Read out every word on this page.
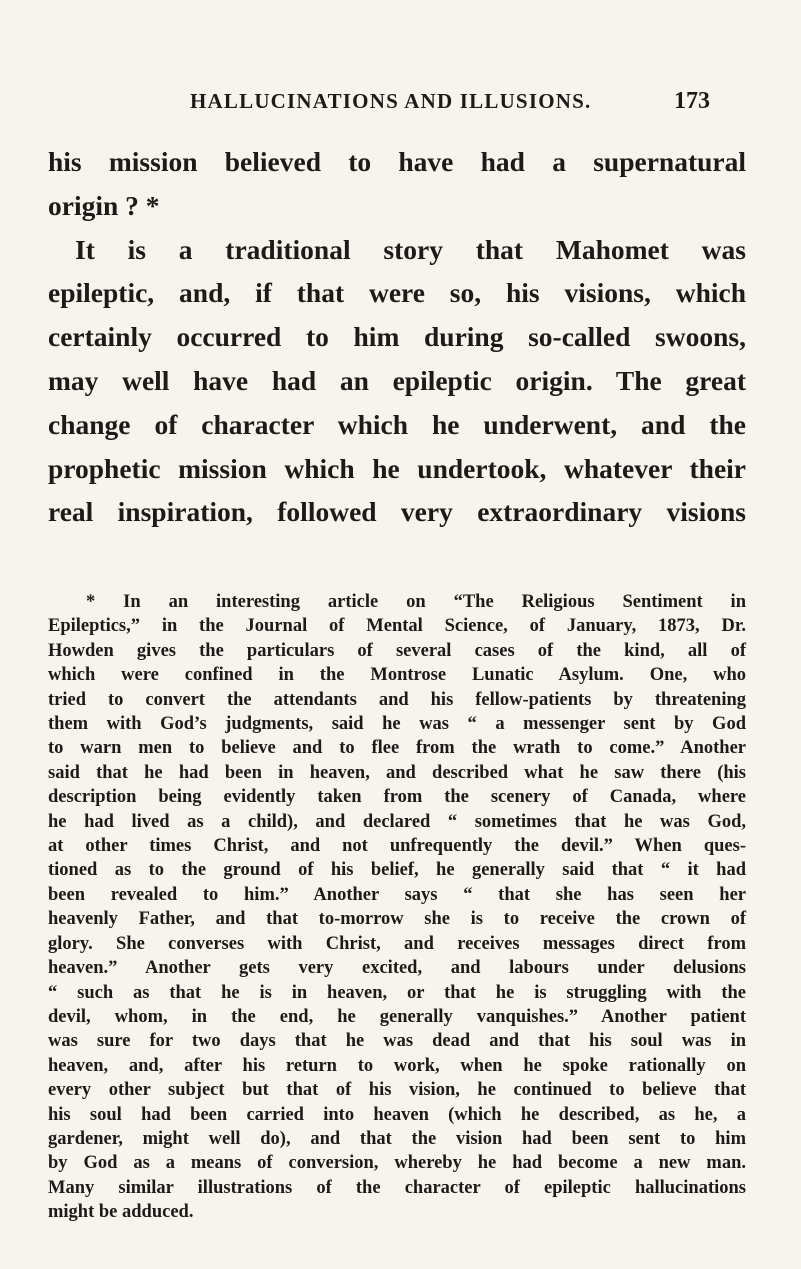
HALLUCINATIONS AND ILLUSIONS.	173

his mission believed to have had a supernatural
origin ? *

It is a traditional story that Mahomet was
epileptic, and, if that were so, his visions, which
certainly occurred to him during so-called swoons,
may well have had an epileptic origin. The great
change of character which he underwent, and the
prophetic mission which he undertook, whatever their
real inspiration, followed very extraordinary visions

* In an interesting article on “The Religious Sentiment in
Epileptics,” in the Journal of Mental Science, of January, 1873, Dr.
Howden gives the particulars of several cases of the kind, all of
which were confined in the Montrose Lunatic Asylum. One, who
tried to convert the attendants and his fellow-patients by threatening
them with God’s judgments, said he was “ a messenger sent by God
to warn men to believe and to flee from the wrath to come.” Another
said that he had been in heaven, and described what he saw there (his
description being evidently taken from the scenery of Canada, where
he had lived as a child), and declared “ sometimes that he was God,
at other times Christ, and not unfrequently the devil.” When ques-
tioned as to the ground of his belief, he generally said that “ it had
been revealed to him.” Another says “ that she has seen her
heavenly Father, and that to-morrow she is to receive the crown of
glory. She converses with Christ, and receives messages direct from
heaven.” Another gets very excited, and labours under delusions
“ such as that he is in heaven, or that he is struggling with the
devil, whom, in the end, he generally vanquishes.” Another patient
was sure for two days that he was dead and that his soul was in
heaven, and, after his return to work, when he spoke rationally on
every other subject but that of his vision, he continued to believe that
his soul had been carried into heaven (which he described, as he, a
gardener, might well do), and that the vision had been sent to him
by God as a means of conversion, whereby he had become a new man.
Many similar illustrations of the character of epileptic hallucinations
might be adduced.
